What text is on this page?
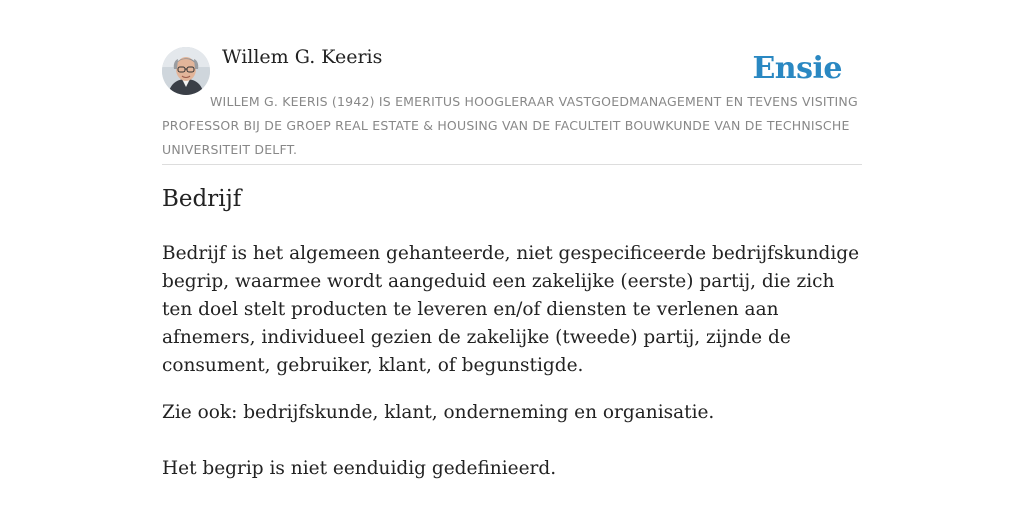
Willem G. Keeris	Ensie

WILLEM G. KEERIS (1942) IS EMERITUS HOOGLERAAR VASTGOEDMANAGEMENT EN TEVENS VISITING PROFESSOR BIJ DE GROEP REAL ESTATE & HOUSING VAN DE FACULTEIT BOUWKUNDE VAN DE TECHNISCHE UNIVERSITEIT DELFT.

Bedrijf

Bedrijf is het algemeen gehanteerde, niet gespecificeerde bedrijfskundige begrip, waarmee wordt aangeduid een zakelijke (eerste) partij, die zich ten doel stelt producten te leveren en/of diensten te verlenen aan afnemers, individueel gezien de zakelijke (tweede) partij, zijnde de consument, gebruiker, klant, of begunstigde.

Zie ook: bedrijfskunde, klant, onderneming en organisatie.

Het begrip is niet eenduidig gedefinieerd.
